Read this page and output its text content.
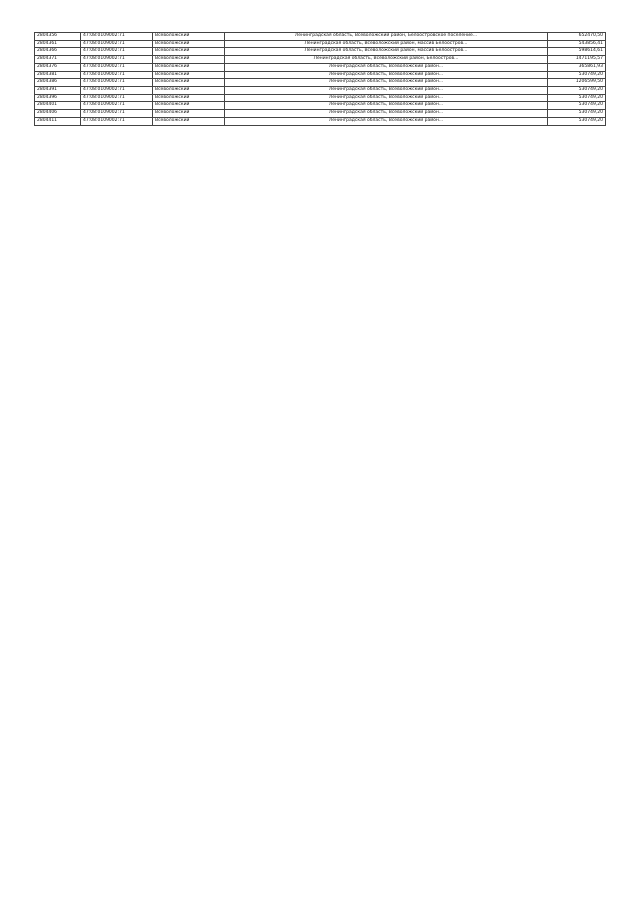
2804356	47:08:0109002:71	Всеволожский	Ленинградская область, Всеволожский район, Белоостровское поселение...	652470,50
2804361	47:08:0109002:71	Всеволожский	Ленинградская область, Всеволожский район, массив Белоостров...	543856,41
2804366	47:08:0109002:71	Всеволожский	Ленинградская область, Всеволожский район, массив Белоостров...	598614,61
2804371	47:08:0109002:71	Всеволожский	Ленинградская область, Всеволожский район, Белоостров...	1471195,57
2804376	47:08:0109002:71	Всеволожский	Ленинградская область, Всеволожский район...	365861,93
2804381	47:08:0109002:71	Всеволожский	Ленинградская область, Всеволожский район...	530749,20
2804386	47:08:0109002:71	Всеволожский	Ленинградская область, Всеволожский район...	1206599,50
2804391	47:08:0109002:71	Всеволожский	Ленинградская область, Всеволожский район...	530749,20
2804396	47:08:0109002:71	Всеволожский	Ленинградская область, Всеволожский район...	530749,20
2804401	47:08:0109002:71	Всеволожский	Ленинградская область, Всеволожский район...	530749,20
2804406	47:08:0109002:71	Всеволожский	Ленинградская область, Всеволожский район...	530749,20
2804411	47:08:0109002:71	Всеволожский	Ленинградская область, Всеволожский район...	530749,20
